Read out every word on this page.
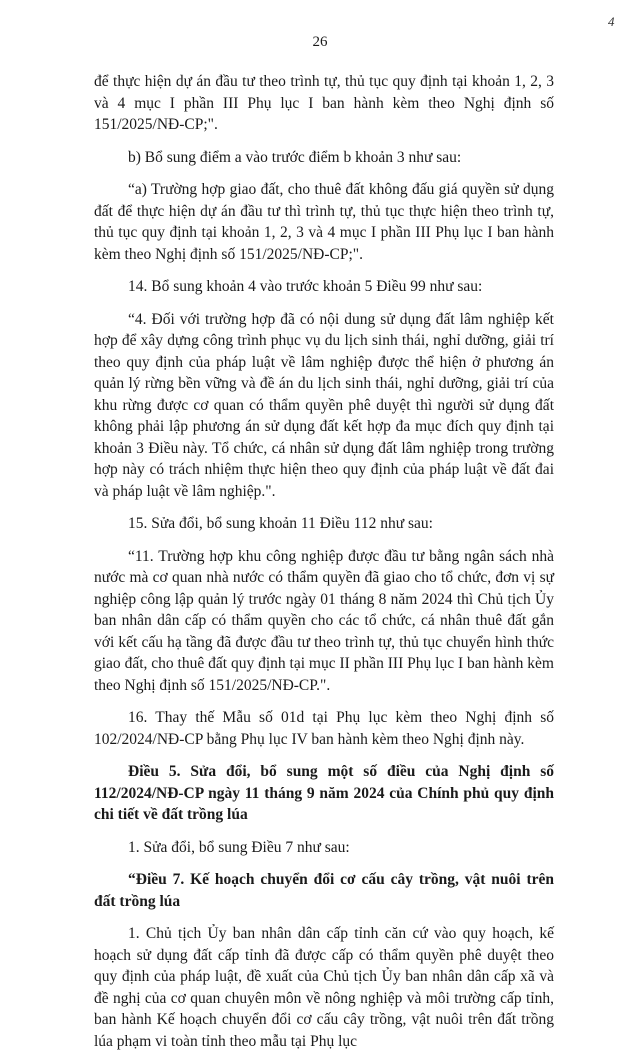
26
4

để thực hiện dự án đầu tư theo trình tự, thủ tục quy định tại khoản 1, 2, 3 và 4 mục I phần III Phụ lục I ban hành kèm theo Nghị định số 151/2025/NĐ-CP;".

b) Bổ sung điểm a vào trước điểm b khoản 3 như sau:

“a) Trường hợp giao đất, cho thuê đất không đấu giá quyền sử dụng đất để thực hiện dự án đầu tư thì trình tự, thủ tục thực hiện theo trình tự, thủ tục quy định tại khoản 1, 2, 3 và 4 mục I phần III Phụ lục I ban hành kèm theo Nghị định số 151/2025/NĐ-CP;".

14. Bổ sung khoản 4 vào trước khoản 5 Điều 99 như sau:

“4. Đối với trường hợp đã có nội dung sử dụng đất lâm nghiệp kết hợp để xây dựng công trình phục vụ du lịch sinh thái, nghỉ dưỡng, giải trí theo quy định của pháp luật về lâm nghiệp được thể hiện ở phương án quản lý rừng bền vững và đề án du lịch sinh thái, nghỉ dưỡng, giải trí của khu rừng được cơ quan có thẩm quyền phê duyệt thì người sử dụng đất không phải lập phương án sử dụng đất kết hợp đa mục đích quy định tại khoản 3 Điều này. Tổ chức, cá nhân sử dụng đất lâm nghiệp trong trường hợp này có trách nhiệm thực hiện theo quy định của pháp luật về đất đai và pháp luật về lâm nghiệp.".

15. Sửa đổi, bổ sung khoản 11 Điều 112 như sau:

“11. Trường hợp khu công nghiệp được đầu tư bằng ngân sách nhà nước mà cơ quan nhà nước có thẩm quyền đã giao cho tổ chức, đơn vị sự nghiệp công lập quản lý trước ngày 01 tháng 8 năm 2024 thì Chủ tịch Ủy ban nhân dân cấp có thẩm quyền cho các tổ chức, cá nhân thuê đất gắn với kết cấu hạ tầng đã được đầu tư theo trình tự, thủ tục chuyển hình thức giao đất, cho thuê đất quy định tại mục II phần III Phụ lục I ban hành kèm theo Nghị định số 151/2025/NĐ-CP.".

16. Thay thế Mẫu số 01d tại Phụ lục kèm theo Nghị định số 102/2024/NĐ-CP bằng Phụ lục IV ban hành kèm theo Nghị định này.

Điều 5. Sửa đổi, bổ sung một số điều của Nghị định số 112/2024/NĐ-CP ngày 11 tháng 9 năm 2024 của Chính phủ quy định chi tiết về đất trồng lúa

1. Sửa đổi, bổ sung Điều 7 như sau:

“Điều 7. Kế hoạch chuyển đổi cơ cấu cây trồng, vật nuôi trên đất trồng lúa

1. Chủ tịch Ủy ban nhân dân cấp tỉnh căn cứ vào quy hoạch, kế hoạch sử dụng đất cấp tỉnh đã được cấp có thẩm quyền phê duyệt theo quy định của pháp luật, đề xuất của Chủ tịch Ủy ban nhân dân cấp xã và đề nghị của cơ quan chuyên môn về nông nghiệp và môi trường cấp tỉnh, ban hành Kế hoạch chuyển đổi cơ cấu cây trồng, vật nuôi trên đất trồng lúa phạm vi toàn tỉnh theo mẫu tại Phụ lục
